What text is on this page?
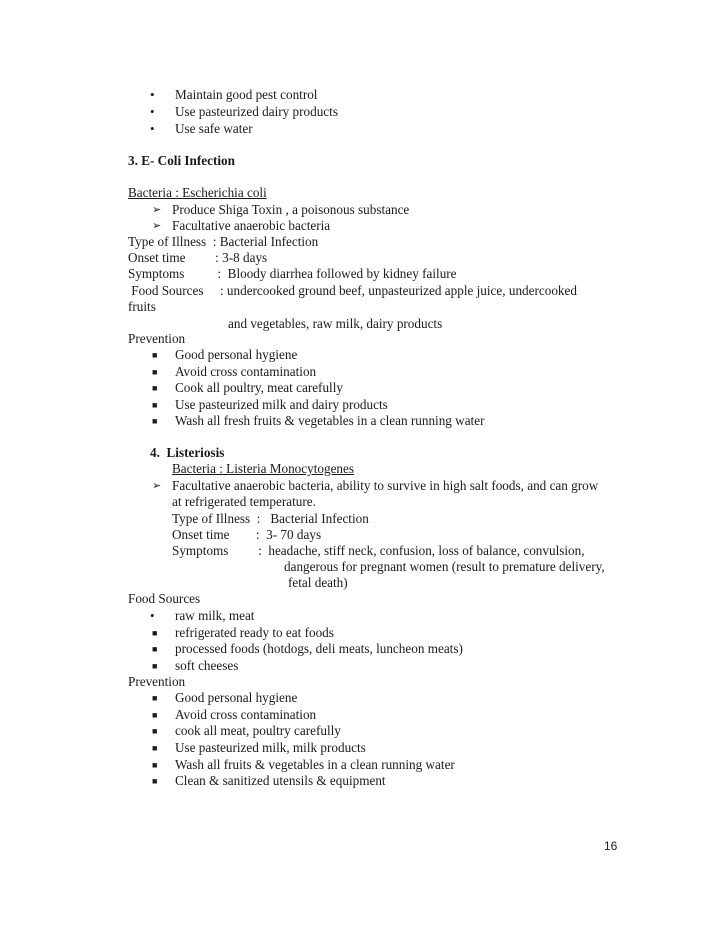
• Maintain good pest control
• Use pasteurized dairy products
• Use safe water
3. E- Coli Infection
Bacteria : Escherichia coli
➢ Produce Shiga Toxin , a poisonous substance
➢ Facultative anaerobic bacteria
Type of Illness  : Bacterial Infection
Onset time         : 3-8 days
Symptoms          :  Bloody diarrhea followed by kidney failure
Food Sources     : undercooked ground beef, unpasteurized apple juice, undercooked
fruits
and vegetables, raw milk, dairy products
Prevention
■ Good personal hygiene
■ Avoid cross contamination
■ Cook all poultry, meat carefully
■ Use pasteurized milk and dairy products
■ Wash all fresh fruits & vegetables in a clean running water
4.  Listeriosis
Bacteria : Listeria Monocytogenes
➢ Facultative anaerobic bacteria, ability to survive in high salt foods, and can grow
at refrigerated temperature.
Type of Illness  :   Bacterial Infection
Onset time        :  3- 70 days
Symptoms         :  headache, stiff neck, confusion, loss of balance, convulsion,
dangerous for pregnant women (result to premature delivery,
fetal death)
Food Sources
• raw milk, meat
■ refrigerated ready to eat foods
■ processed foods (hotdogs, deli meats, luncheon meats)
■ soft cheeses
Prevention
■ Good personal hygiene
■ Avoid cross contamination
■ cook all meat, poultry carefully
■ Use pasteurized milk, milk products
■ Wash all fruits & vegetables in a clean running water
■ Clean & sanitized utensils & equipment
16
